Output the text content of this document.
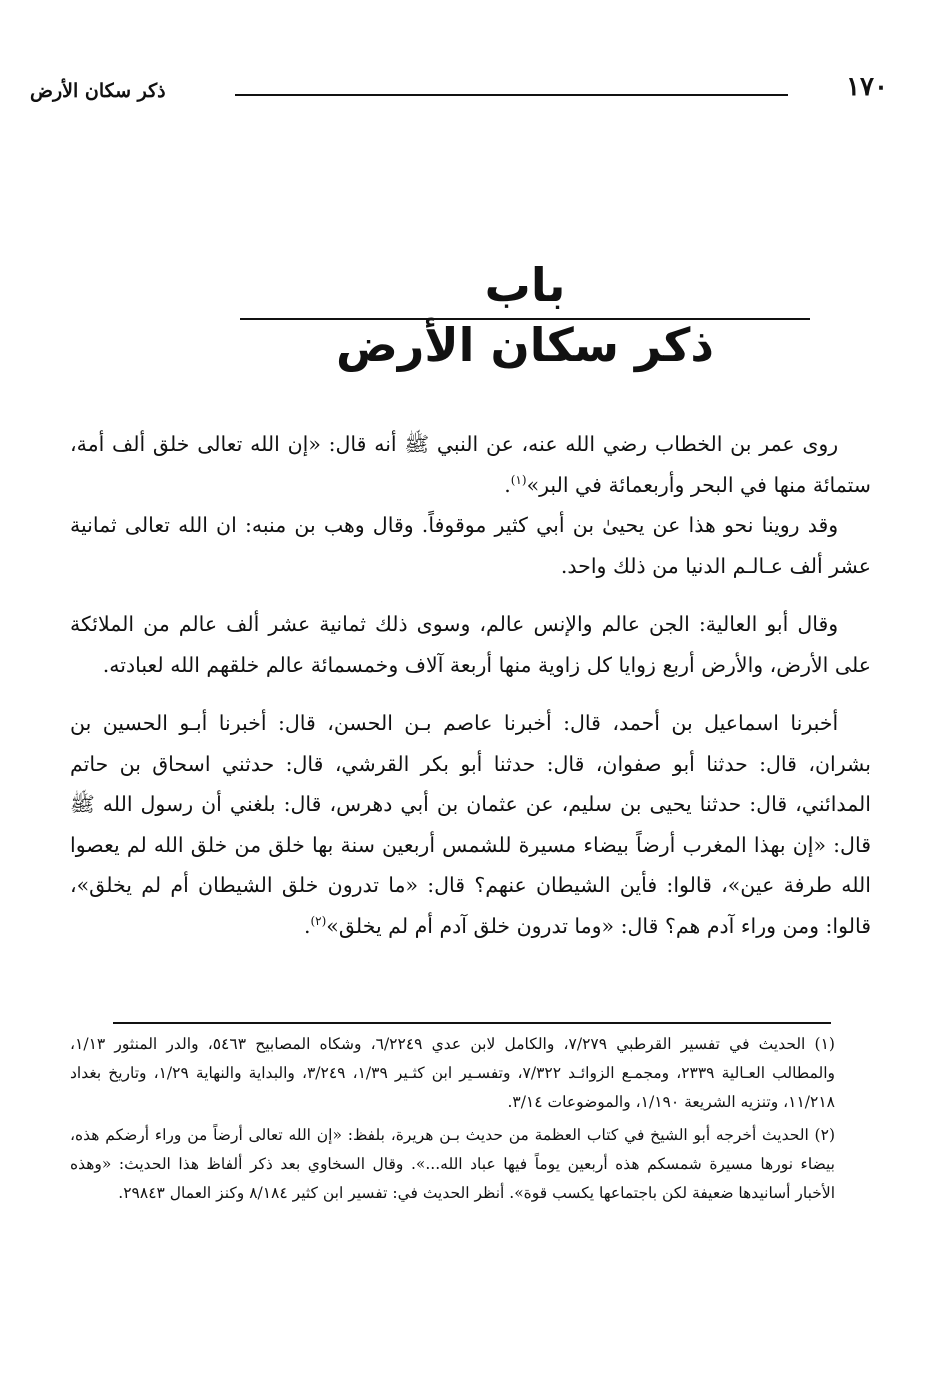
١٧٠
ذكر سكان الأرض
باب
ذكر سكان الأرض

روى عمر بن الخطاب رضي الله عنه، عن النبي ﷺ أنه قال: «إن الله تعالى خلق ألف أمة، ستمائة منها في البحر وأربعمائة في البر»$^{(١)}$.

وقد روينا نحو هذا عن يحيىٰ بن أبي كثير موقوفاً. وقال وهب بن منبه: ان الله تعالى ثمانية عشر ألف عـالـم الدنيا من ذلك واحد.

وقال أبو العالية: الجن عالم والإنس عالم، وسوى ذلك ثمانية عشر ألف عالم من الملائكة على الأرض، والأرض أربع زوايا كل زاوية منها أربعة آلاف وخمسمائة عالم خلقهم الله لعبادته.

أخبرنا اسماعيل بن أحمد، قال: أخبرنا عاصم بـن الحسن، قال: أخبرنا أبـو الحسين بن بشران، قال: حدثنا أبو صفوان، قال: حدثنا أبو بكر القرشي، قال: حدثني اسحاق بن حاتم المدائني، قال: حدثنا يحيى بن سليم، عن عثمان بن أبي دهرس، قال: بلغني أن رسول الله ﷺ قال: «إن بهذا المغرب أرضاً بيضاء مسيرة للشمس أربعين سنة بها خلق من خلق الله لم يعصوا الله طرفة عين»، قالوا: فأين الشيطان عنهم؟ قال: «ما تدرون خلق الشيطان أم لم يخلق»، قالوا: ومن وراء آدم هم؟ قال: «وما تدرون خلق آدم أم لم يخلق»$^{(٢)}$.

(١) الحديث في تفسير القرطبي ٧/٢٧٩، والكامل لابن عدي ٦/٢٢٤٩، وشكاه المصابيح ٥٤٦٣، والدر المنثور ١/١٣، والمطالب العـالية ٢٣٣٩، ومجمـع الزوائـد ٧/٣٢٢، وتفسـير ابن كثـير ١/٣٩، ٣/٢٤٩، والبداية والنهاية ١/٢٩، وتاريخ بغداد ١١/٢١٨، وتنزيه الشريعة ١/١٩٠، والموضوعات ٣/١٤.

(٢) الحديث أخرجه أبو الشيخ في كتاب العظمة من حديث بـن هريرة، بلفظ: «إن الله تعالى أرضاً من وراء أرضكم هذه، بيضاء نورها مسيرة شمسكم هذه أربعين يوماً فيها عباد الله...». وقال السخاوي بعد ذكر ألفاظ هذا الحديث: «وهذه الأخبار أسانيدها ضعيفة لكن باجتماعها يكسب قوة». أنظر الحديث في: تفسير ابن كثير ٨/١٨٤ وكنز العمال ٢٩٨٤٣.
